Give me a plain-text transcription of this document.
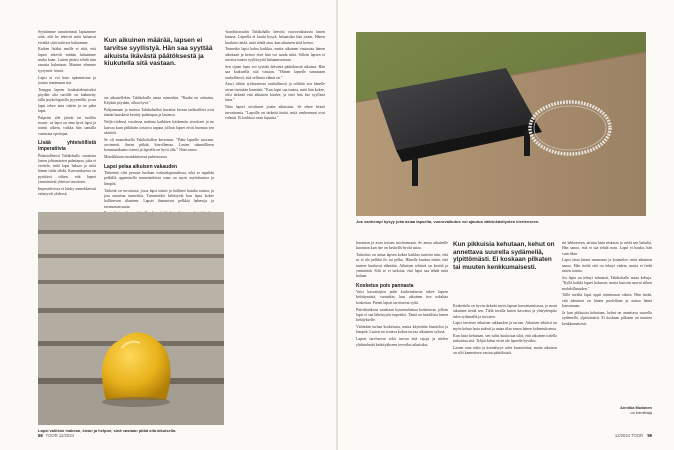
Syyttämme sanattomasti lapsiamme siitä, että he tekevät mitä haluavat eivätkä siitä mitä me haluamme.

Kaiken lisäksi meille ei riitä, että lapset tekevät mitään haluamme muka kaan. Lasten pitäisi tehdä niin omasta halustaan. Muuten olemme tyytymät- tömiä.

Lapsi ei voi kuin epäonnistua ja joutua tuntemaan sen.

Tomppu lapsen houkuttelemiseksi pöydän alta tuolille on käännetty tällä psykologisella pyynnöllä, jossa lapsi tekee aina väärin ja on paha lapsi.

Pulpetin alle jäävät tai tuolilta nouse- va lapsi on aina hyvä lapsi ja toimii oikein, vaikka hän samalla vastustaa opettajaa.

Lisää yhteisöllistä imperatiivia

Pääasiallisesti Tahikohallo suosittaa lasten johtamiseen puhetapaa, joka ei erottele, mitä lapsi haluaa ja mitä hänen tulisi tehdä. Kasvatuksessa on pyrittävä siihen, että lapset ymmärtävät yhteiset tavoitteet.

Imperatiivissa ei käsky menekkeessä esiintyvät yhdessä.

Kun aikuinen määrää, lapsen ei tarvitse syyllistyä. Hän saa syyttää aikuista ikävästä päätöksestä ja kiukutella sitä vastaan.

sia aikuisellekin. Tahikohallo antaa esimerkin. "Rauha on valmista. Käykää pöytään, olkaa hyvä."

Pohjanmaan ja muissa Tahikohallon havaitut kerran tarkkailleet ovat tämän hauskasti kerätty puhetapaa ja lastensa.

Neljä-viidessä vuodessa mahtuu kaikkien käskemän tavoitteet ja ne kasvaa kuin pitkittäin toistuva tapana jolloin lapset eivät huomaa sen sääntöä.

Se oli muutoksella Tahikohallon kertomus. "Puhu lapselle suoraan, avoimesti, ilman pitkää, kierollemaa. Lasten säännöllinen kommunikaatio toimii ja lapsella on hyvä olla." Näin sanoo.

Muodikkaan moniäänisessä puhetavassa

Lapsi pelaa aikuisen vakauden

Tärkeintä olisi perusta luodaan varhaislapsuudessa, eikä se tapahdu pelkällä oppimisella tunnetaidoista vaan on myös myötätuntoa ja lämpöä.

Tärkeää on arvoitusta, jossa lapsi toimii ja hallitsee kuinka toimia, ja jota muuttuu tunnetilat. Tunnetaidot kehittyvät kun lapsi kokee hallitsevan tilanteen. Lapset ihannoivat pelkkiä hahmoja ja tavanomaisuutta.

-konditionaalin Tahikohallo heiväsi vuorovaikutusta lasten kanssa. Lapsella ei kuulu kysyä, haluaisiko hän jotain. Hänen kuuluisi tietää, mitä tehdä aina, kun aikuinen siitä kertoo.

Tunnetko lapsi halua karkkia, mutta aikuinen vastustaa hänen aikeitaan ja kertoo ettei hän voi saada niitä. Silloin lapsen ei tarvitse tuntea syyllisyyttä haluamisestaan.

Sen sijaan lapsi voi syyttää ikävästä päätöksestä aikuista. Hän saa kiukutella sitä vastaan. "Hänen lapselle samanaan rauhallisesti, että sellaista elämä on."

Asuri tilitän työhuonessa rauhallisesti ja selittää sen hänelle aivan itsestään kauniisti. "Kun lapsi saa tuntea, mitä hän kokee, olisi tärkeää että aikuinen kuulee, ja ettei hän itse syyllistä lasta."

Näin lapset oivaltavat jotain aikuisista. Se tekee heistä turvattomia. "Lapsille on tärkeää tietää, mitä vanhemmat ovat valmiit. Ei heikkoa vaan lujuutta."

Lapsi valitsisi makean, kivan ja helpon, sinä vastaan pitää olla aikuisella.
58 TOOR 12/2024
Jos vanhempi kysyy joka asiaa lapselta, vuorovaikutus voi ajautua väärinkäsitysten kierteeseen.

huomion ja avaa toisten tarvitsemaan. Se antaa aikuiselle huomion kun itse on keskellä hyvää asiaa.

Tarkoitus on antaa lapsen kokea kaikkia tunteita niin, että se ei ole pelkkä ilo tai pelko. Hänelle kuuluu tietää, että tunteet kuuluvat elämään. Aikuisen tehtävä on kestää ja ymmärtää. Silti se ei tarkoita, että lapsi saa tehdä mitä haluaa.

Kosketus pois pannasta

Vaisi kasvattajien puhe kosketuksesta tukee lapsen kehittymistä, varsinkin, kun aikuinen itse uskaltaa koskettaa. Pienet lapset tarvitsevat syliä.

Päivähoidossa saatetaan kyseenalaistaa kosketusta, jolloin lapsi ei saa läheisyyttä tarpeeksi. Tämä on haitallista lasten kehitykselle.

Vältetään turhaa kosketusta, mutta käytetään läsnäoloa ja lämpöä. Lasten on voitava kokea turvaa aikuisten sylissä.

Lapset tarvitsevat sekä turvaa että rajoja ja niiden yhdistelmää kehittyäkseen terveiksi aikuisiksi.

Kun pikkuisia kehutaan, kehut on annettava suurella sydämellä, ylpittömästi. Ei koskaan pilkaten tai muuten kenkkumaisesti.

Koskettelu on hyvin tärkeää myös lapsen kasvattamisessa, ja moni aikuinen tietää sen. Tällä tavalla lasten kasvatus ja yhteydenpito tulee sydämellä ja turvaten.

Lapsi tarvitsee aikuisen rakkauden ja turvan. Aikuisen tehtävä on myös kehua lasta aidosti ja antaa tilaa sanoa hänen kokemuksensa.

Kun lasta kehutaan, sen tulisi kuulostaa siltä, että aikuinen todella tarkoittaa sitä. Tyhjät kehut eivät ole lapselle hyväksi.

Lasten oma tahto ja itsenäisyys tulee kunnioittaa, mutta aikuisen on silti kannettava vastuu päätöksistä.

rin lahkeeseen, tarttuu lasta niskasta ja vetää sen lattialta. Hän sanoo, että ei saa tehdä noin. Lapsi ei hauku, hän vain itkee.

Lapsi ottaa kiinni naamansa ja kuuntelee, mitä aikuinen sanoo. Hän tietää että on tehnyt väärin, mutta ei tiedä miten toimia.

Jos lapsi on tehnyt tuhmasti, Tahikohallo antaa kehuja. "Kyllä kaikki lapset haluavat, mutta harvoin saavat siihen mahdollisuuden."

Tällä tavalla lapsi oppii toimimaan oikein. Hän tietää, että aikuinen on hänen puolellaan ja auttaa häntä kasvamaan.

Ja kun pikkuisia kehutaan, kehut on annettava suurella sydämellä, ylpittömästi. Ei koskaan pilkaten tai muuten kenkkumaisesti.

Anniika Mutanen
on toimittaja
12/2024 TOOR 59
